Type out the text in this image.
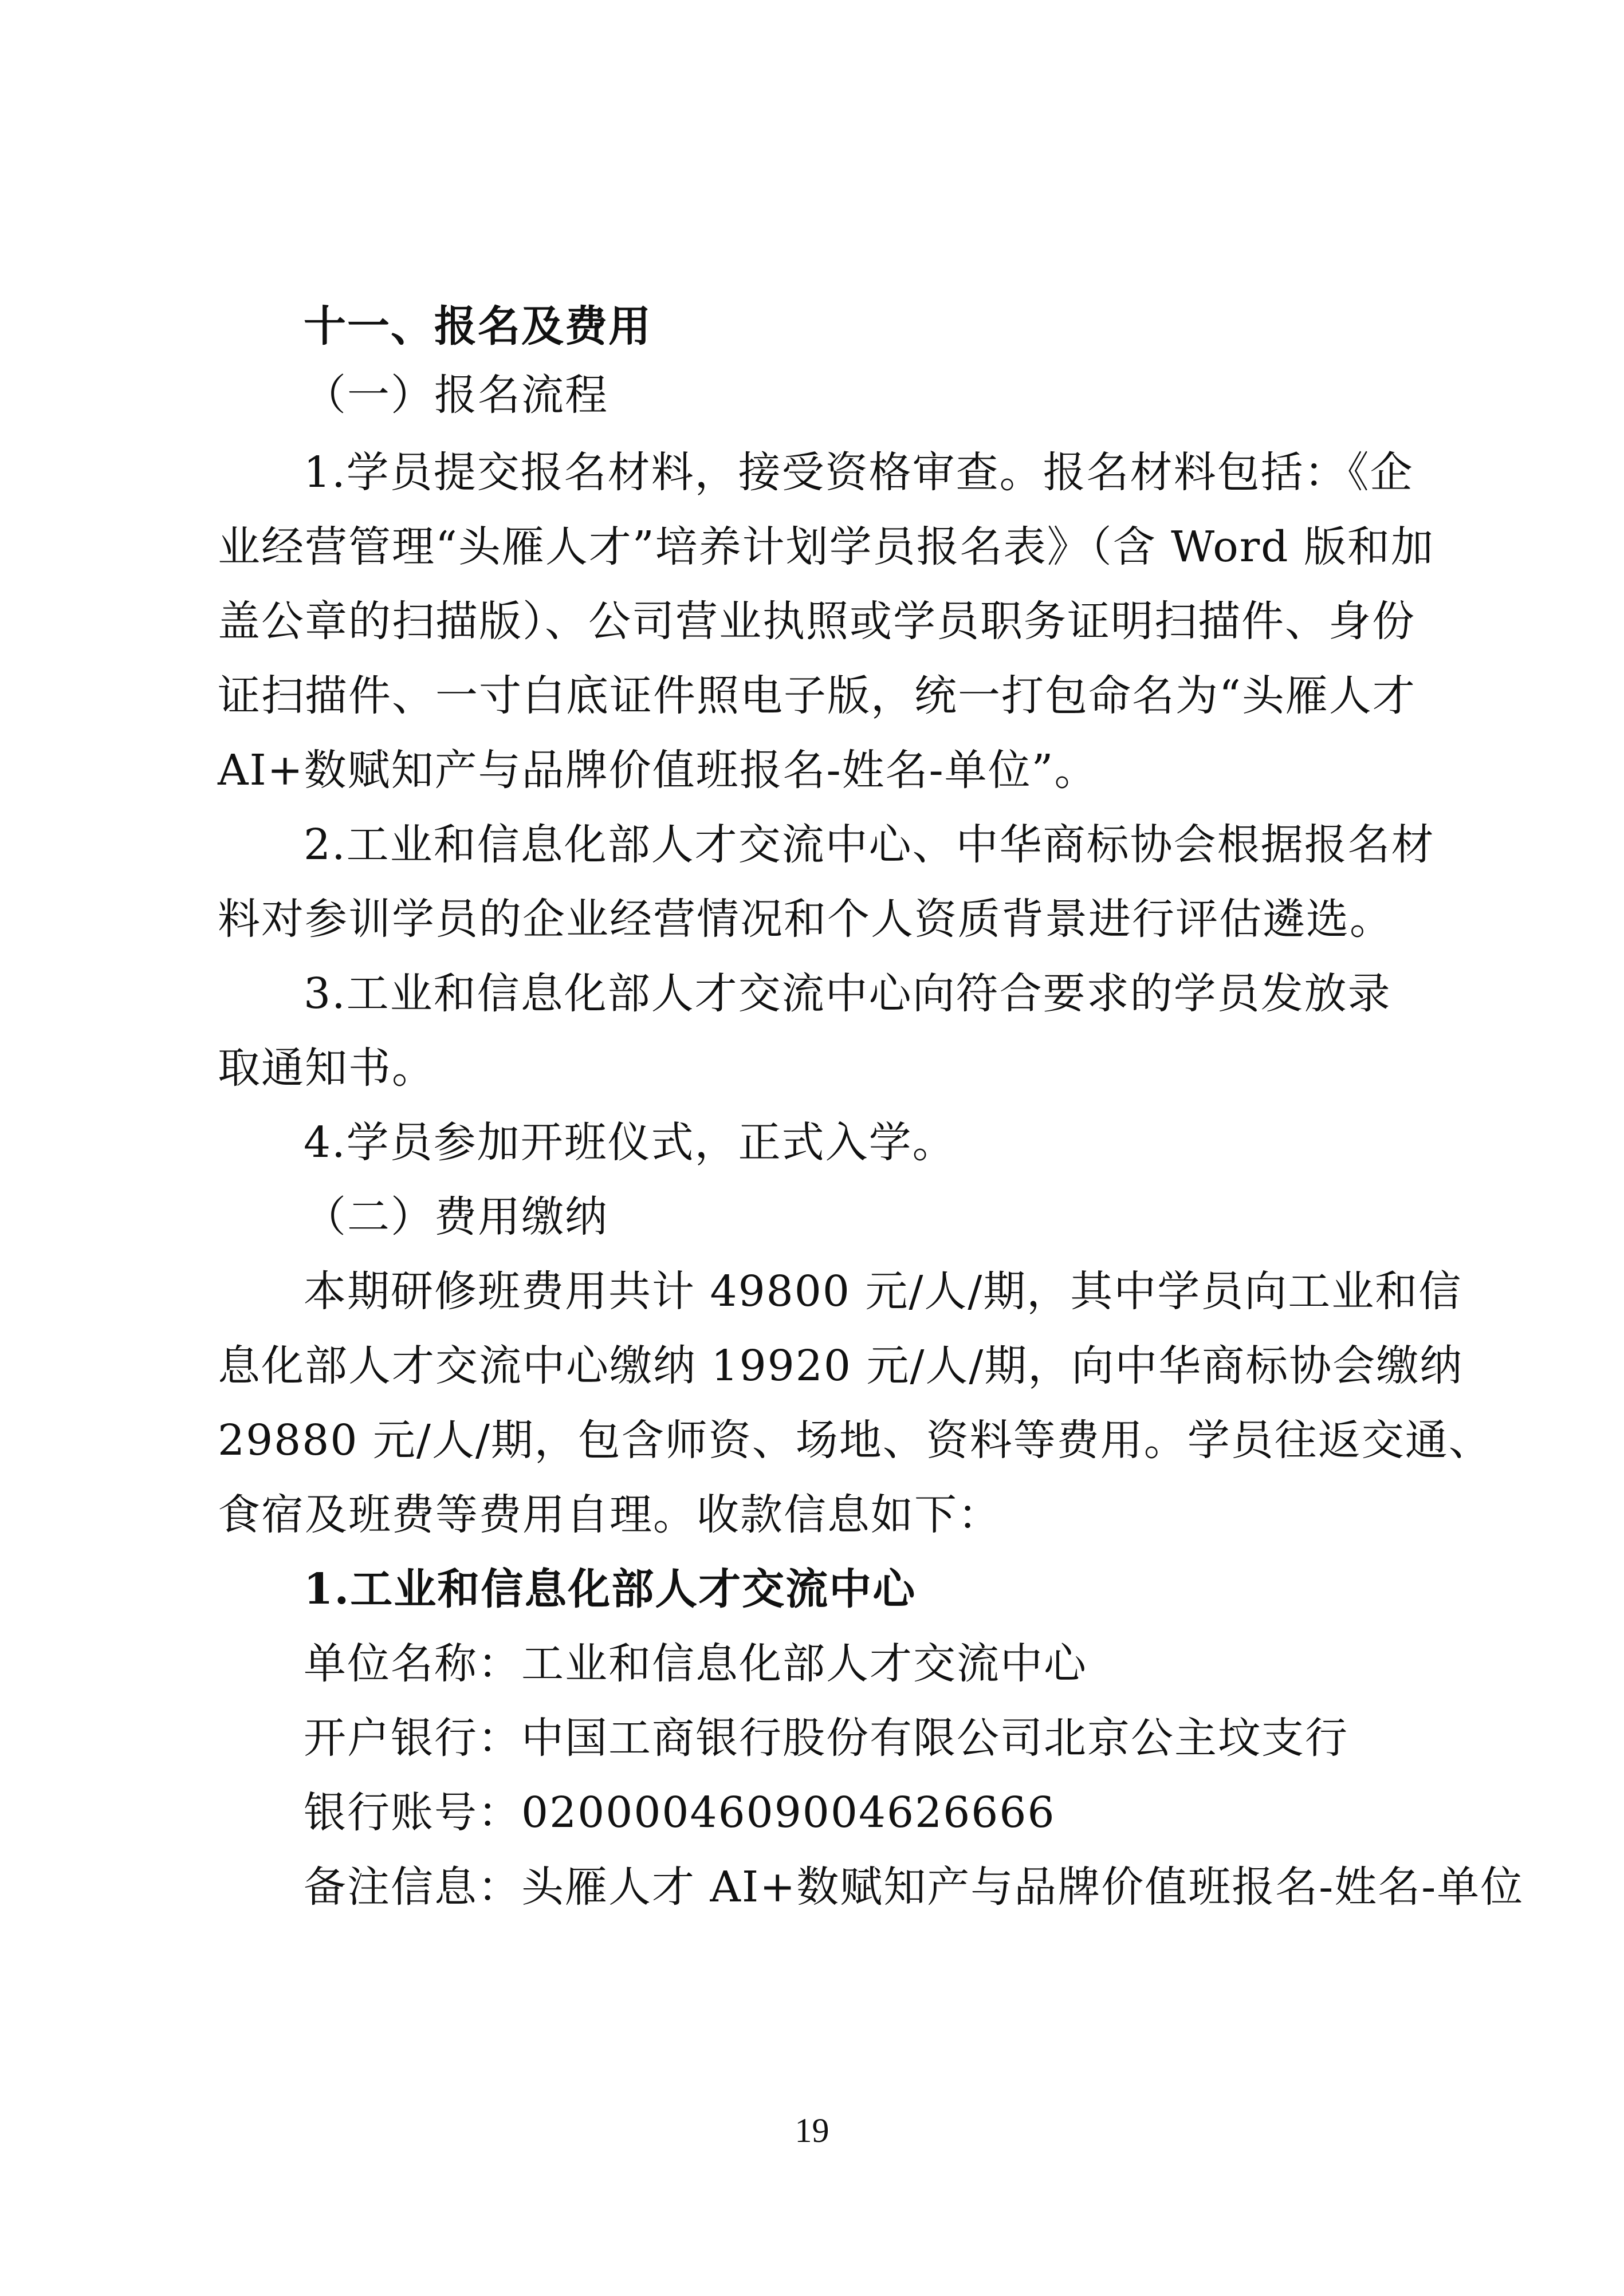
十一、报名及费用
（一）报名流程
1.学员提交报名材料，接受资格审查。报名材料包括：《企
业经营管理“头雁人才”培养计划学员报名表》（含 Word 版和加
盖公章的扫描版）、公司营业执照或学员职务证明扫描件、身份
证扫描件、一寸白底证件照电子版，统一打包命名为“头雁人才
AI+数赋知产与品牌价值班报名-姓名-单位”。
2.工业和信息化部人才交流中心、中华商标协会根据报名材
料对参训学员的企业经营情况和个人资质背景进行评估遴选。
3.工业和信息化部人才交流中心向符合要求的学员发放录
取通知书。
4.学员参加开班仪式，正式入学。
（二）费用缴纳
本期研修班费用共计 49800 元/人/期，其中学员向工业和信
息化部人才交流中心缴纳 19920 元/人/期，向中华商标协会缴纳
29880 元/人/期，包含师资、场地、资料等费用。学员往返交通、
食宿及班费等费用自理。收款信息如下：
1.工业和信息化部人才交流中心
单位名称：工业和信息化部人才交流中心
开户银行：中国工商银行股份有限公司北京公主坟支行
银行账号：0200004609004626666
备注信息：头雁人才 AI+数赋知产与品牌价值班报名-姓名-单位
19
